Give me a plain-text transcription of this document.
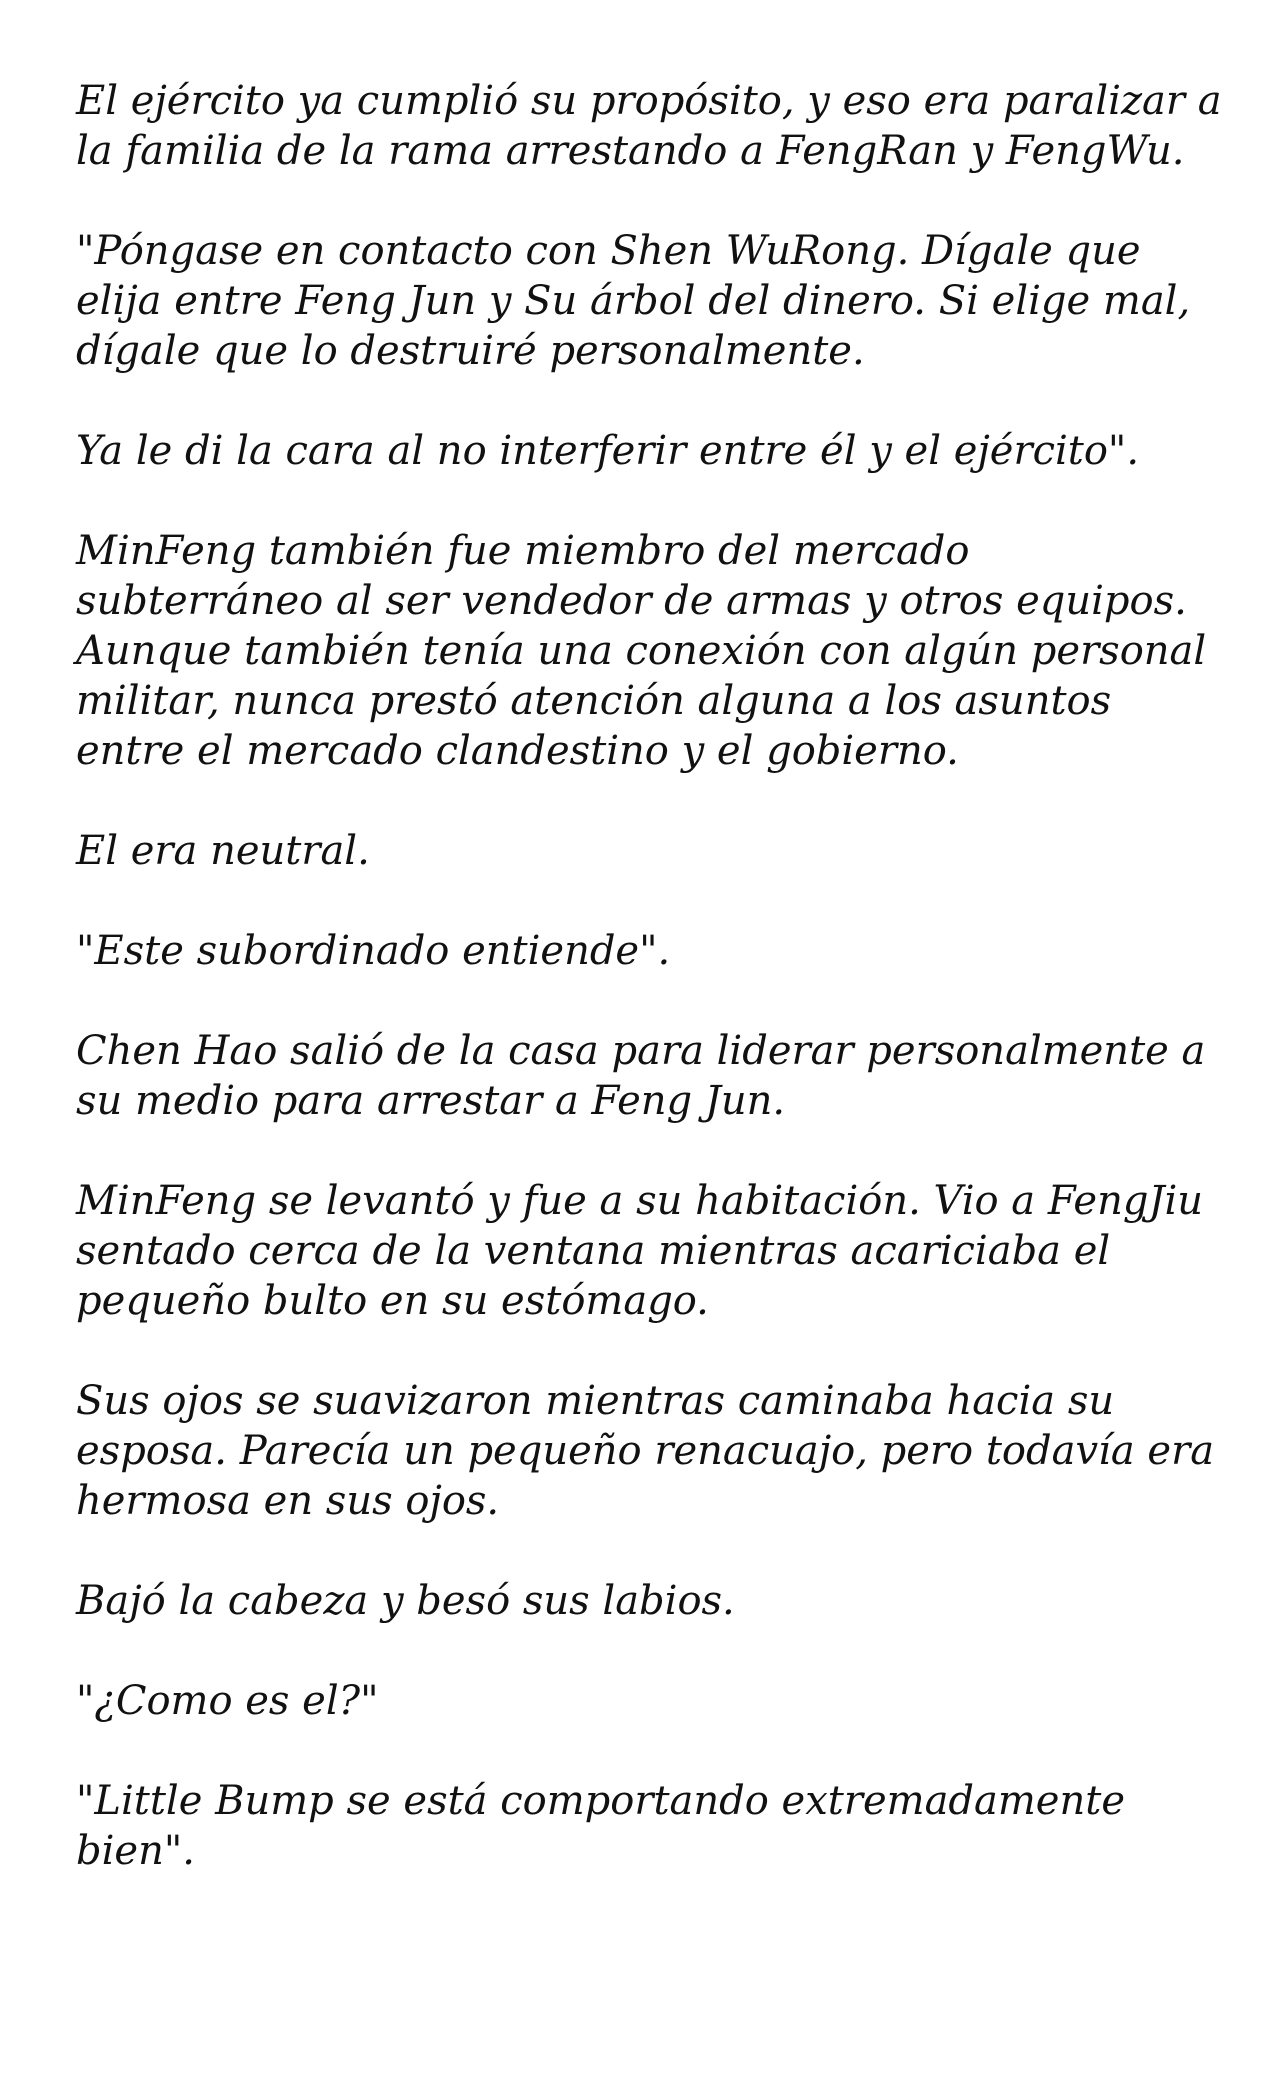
El ejército ya cumplió su propósito, y eso era paralizar a la familia de la rama arrestando a FengRan y FengWu.

"Póngase en contacto con Shen WuRong. Dígale que elija entre Feng Jun y Su árbol del dinero. Si elige mal, dígale que lo destruiré personalmente.

Ya le di la cara al no interferir entre él y el ejército".

MinFeng también fue miembro del mercado subterráneo al ser vendedor de armas y otros equipos. Aunque también tenía una conexión con algún personal militar, nunca prestó atención alguna a los asuntos entre el mercado clandestino y el gobierno.

El era neutral.

"Este subordinado entiende".

Chen Hao salió de la casa para liderar personalmente a su medio para arrestar a Feng Jun.

MinFeng se levantó y fue a su habitación. Vio a FengJiu sentado cerca de la ventana mientras acariciaba el pequeño bulto en su estómago.

Sus ojos se suavizaron mientras caminaba hacia su esposa. Parecía un pequeño renacuajo, pero todavía era hermosa en sus ojos.

Bajó la cabeza y besó sus labios.

"¿Como es el?"

"Little Bump se está comportando extremadamente bien".
